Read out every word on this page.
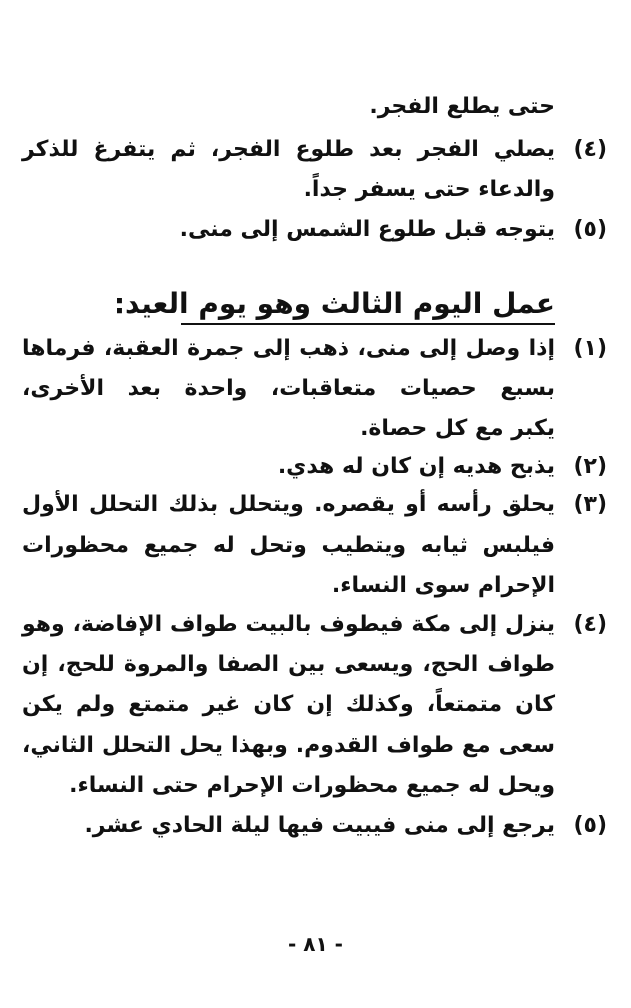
حتى يطلع الفجر.
(٤)
يصلي الفجر بعد طلوع الفجر، ثم يتفرغ للذكر
والدعاء حتى يسفر جداً.
(٥)
يتوجه قبل طلوع الشمس إلى منى.
عمل اليوم الثالث وهو يوم العيد:
(١)
إذا وصل إلى منى، ذهب إلى جمرة العقبة، فرماها
بسبع حصيات متعاقبات، واحدة بعد الأخرى،
يكبر مع كل حصاة.
(٢)
يذبح هديه إن كان له هدي.
(٣)
يحلق رأسه أو يقصره. ويتحلل بذلك التحلل الأول
فيلبس ثيابه ويتطيب وتحل له جميع محظورات
الإحرام سوى النساء.
(٤)
ينزل إلى مكة فيطوف بالبيت طواف الإفاضة، وهو
طواف الحج، ويسعى بين الصفا والمروة للحج، إن
كان متمتعاً، وكذلك إن كان غير متمتع ولم يكن
سعى مع طواف القدوم. وبهذا يحل التحلل الثاني،
ويحل له جميع محظورات الإحرام حتى النساء.
(٥)
يرجع إلى منى فيبيت فيها ليلة الحادي عشر.
- ٨١ -
